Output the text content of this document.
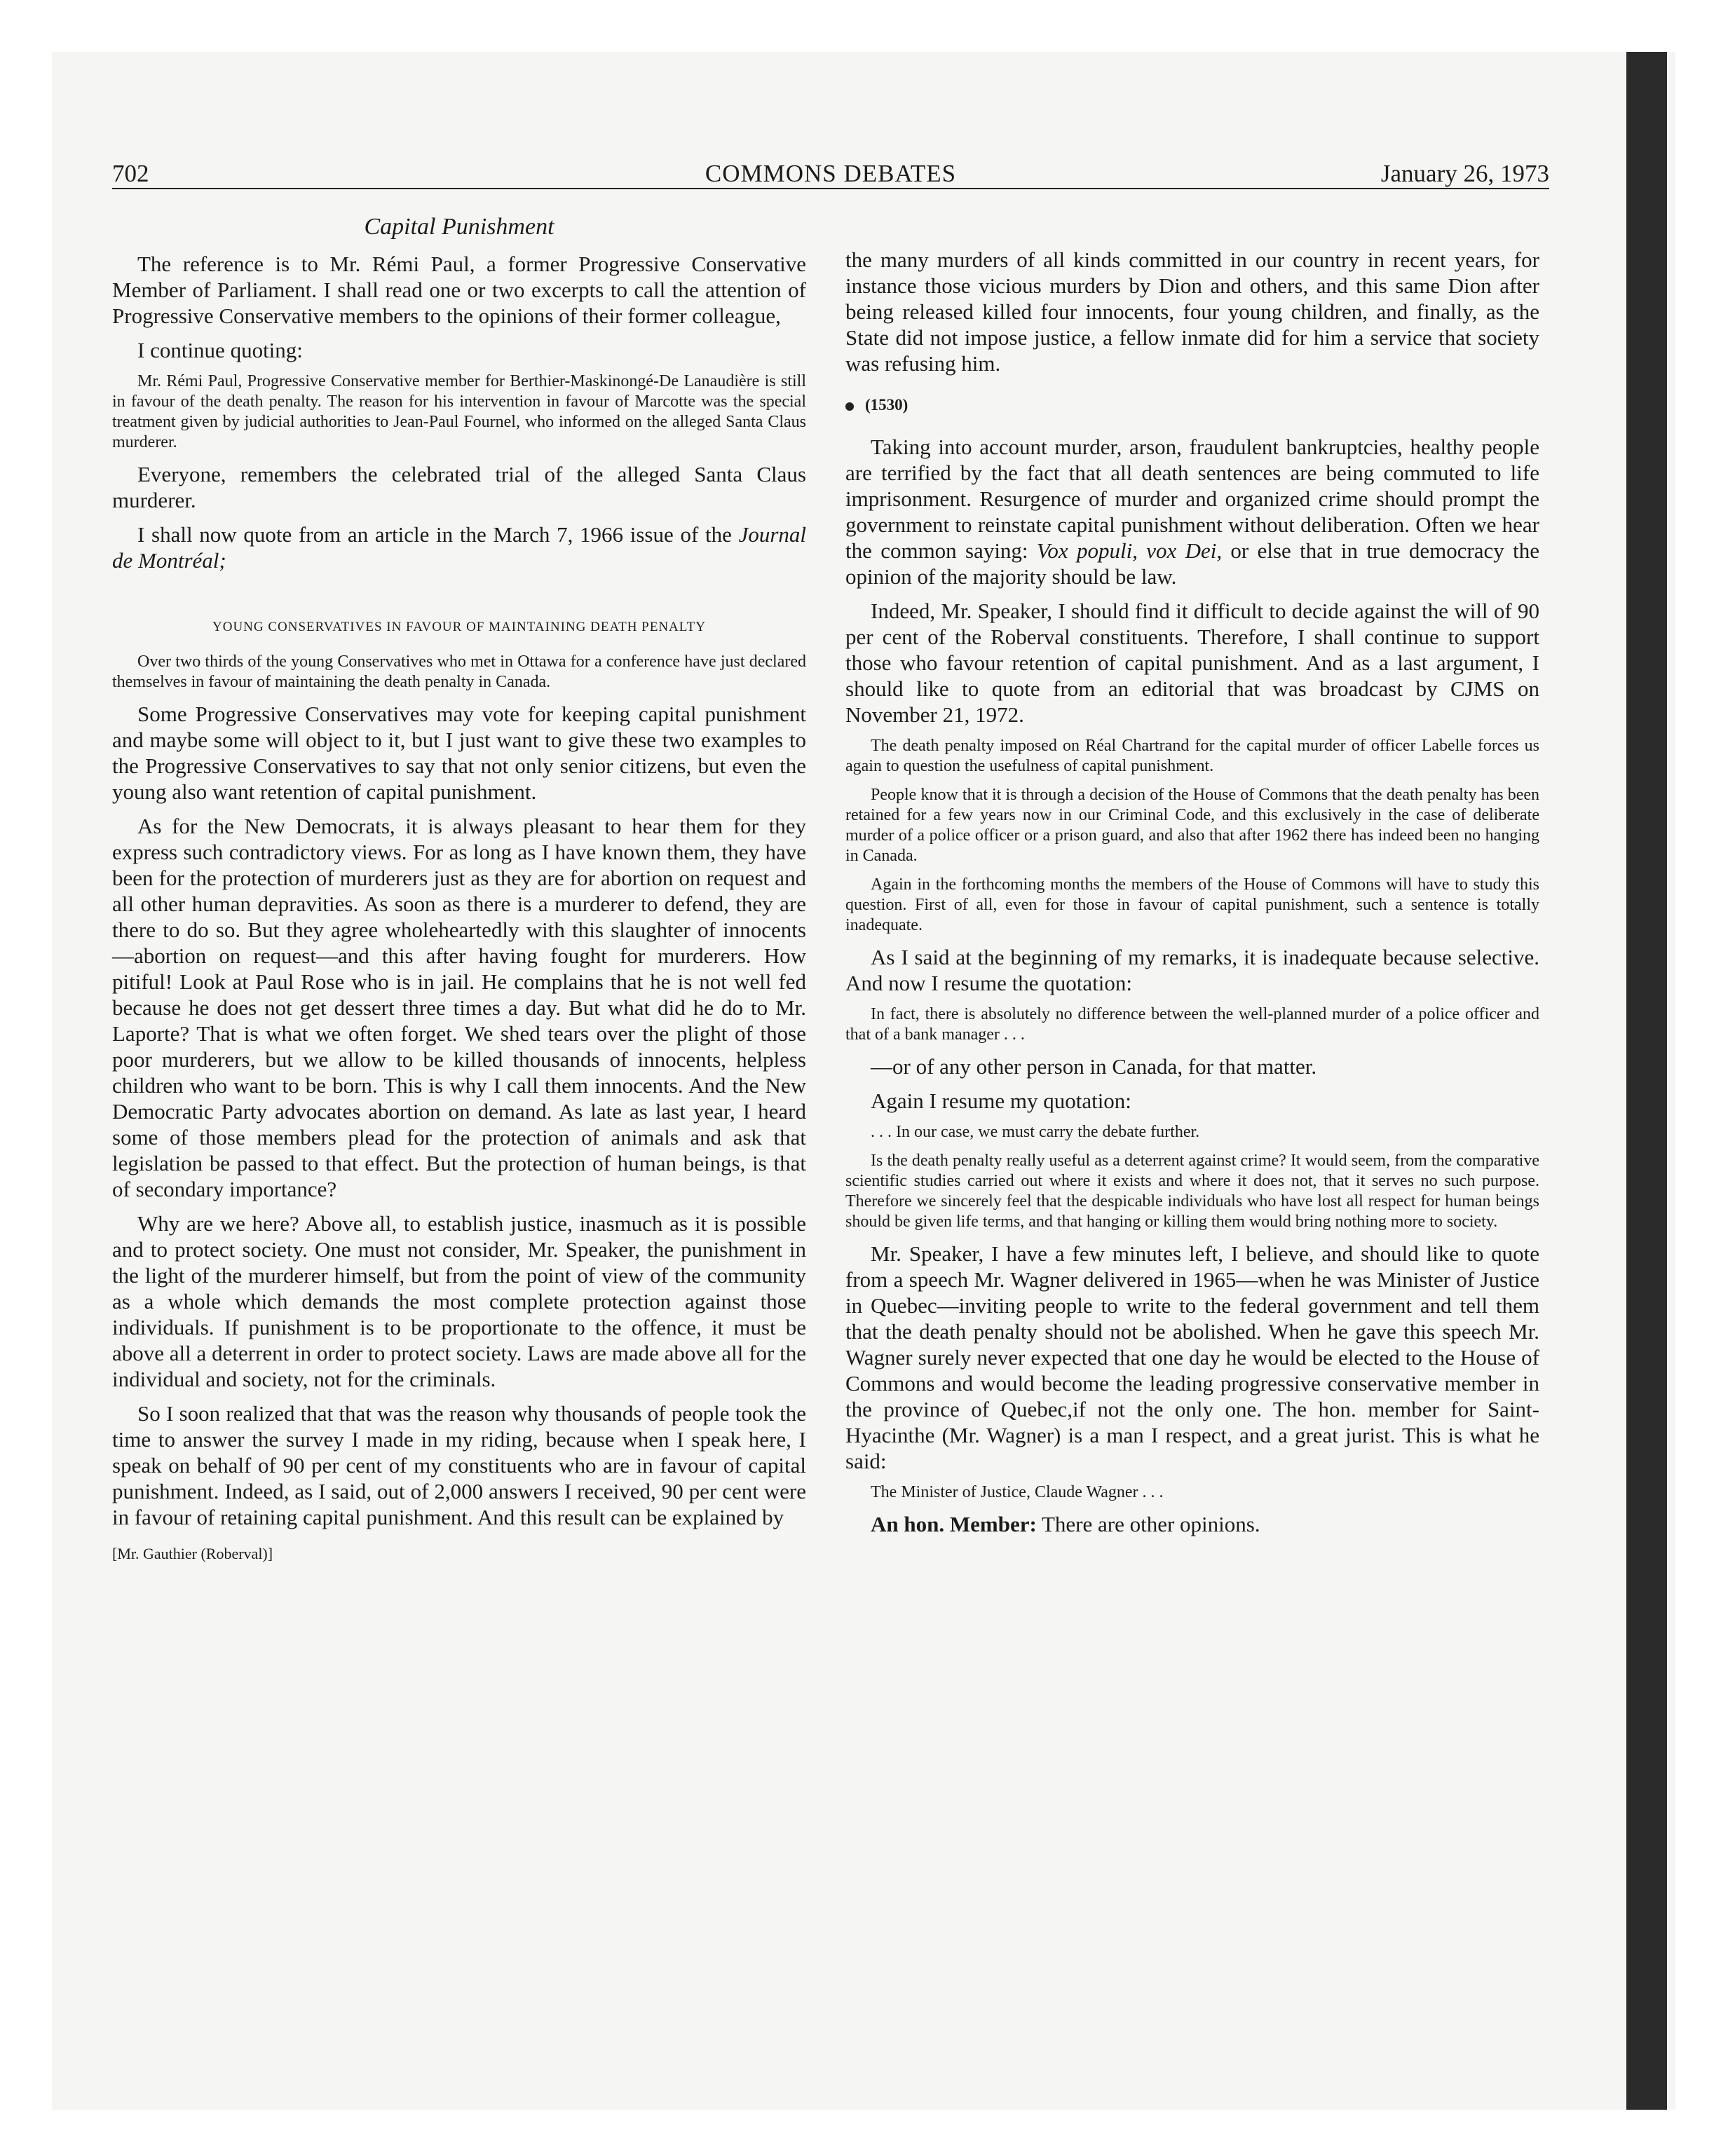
COMMONS DEBATES
702	January 26, 1973
Capital Punishment

The reference is to Mr. Rémi Paul, a former Progressive Conservative Member of Parliament. I shall read one or two excerpts to call the attention of Progressive Conservative members to the opinions of their former colleague,

I continue quoting:

Mr. Rémi Paul, Progressive Conservative member for Berthier-Maskinongé-De Lanaudière is still in favour of the death penalty. The reason for his intervention in favour of Marcotte was the special treatment given by judicial authorities to Jean-Paul Fournel, who informed on the alleged Santa Claus murderer.

Everyone, remembers the celebrated trial of the alleged Santa Claus murderer.

I shall now quote from an article in the March 7, 1966 issue of the Journal de Montréal;

YOUNG CONSERVATIVES IN FAVOUR OF MAINTAINING DEATH PENALTY

Over two thirds of the young Conservatives who met in Ottawa for a conference have just declared themselves in favour of maintaining the death penalty in Canada.

Some Progressive Conservatives may vote for keeping capital punishment and maybe some will object to it, but I just want to give these two examples to the Progressive Conservatives to say that not only senior citizens, but even the young also want retention of capital punishment.

As for the New Democrats, it is always pleasant to hear them for they express such contradictory views. For as long as I have known them, they have been for the protection of murderers just as they are for abortion on request and all other human depravities. As soon as there is a murderer to defend, they are there to do so. But they agree wholeheartedly with this slaughter of innocents—abortion on request—and this after having fought for murderers. How pitiful! Look at Paul Rose who is in jail. He complains that he is not well fed because he does not get dessert three times a day. But what did he do to Mr. Laporte? That is what we often forget. We shed tears over the plight of those poor murderers, but we allow to be killed thousands of innocents, helpless children who want to be born. This is why I call them innocents. And the New Democratic Party advocates abortion on demand. As late as last year, I heard some of those members plead for the protection of animals and ask that legislation be passed to that effect. But the protection of human beings, is that of secondary importance?

Why are we here? Above all, to establish justice, inasmuch as it is possible and to protect society. One must not consider, Mr. Speaker, the punishment in the light of the murderer himself, but from the point of view of the community as a whole which demands the most complete protection against those individuals. If punishment is to be proportionate to the offence, it must be above all a deterrent in order to protect society. Laws are made above all for the individual and society, not for the criminals.

So I soon realized that that was the reason why thousands of people took the time to answer the survey I made in my riding, because when I speak here, I speak on behalf of 90 per cent of my constituents who are in favour of capital punishment. Indeed, as I said, out of 2,000 answers I received, 90 per cent were in favour of retaining capital punishment. And this result can be explained by

[Mr. Gauthier (Roberval)]

the many murders of all kinds committed in our country in recent years, for instance those vicious murders by Dion and others, and this same Dion after being released killed four innocents, four young children, and finally, as the State did not impose justice, a fellow inmate did for him a service that society was refusing him.

(1530)

Taking into account murder, arson, fraudulent bankruptcies, healthy people are terrified by the fact that all death sentences are being commuted to life imprisonment. Resurgence of murder and organized crime should prompt the government to reinstate capital punishment without deliberation. Often we hear the common saying: Vox populi, vox Dei, or else that in true democracy the opinion of the majority should be law.

Indeed, Mr. Speaker, I should find it difficult to decide against the will of 90 per cent of the Roberval constituents. Therefore, I shall continue to support those who favour retention of capital punishment. And as a last argument, I should like to quote from an editorial that was broadcast by CJMS on November 21, 1972.

The death penalty imposed on Réal Chartrand for the capital murder of officer Labelle forces us again to question the usefulness of capital punishment.

People know that it is through a decision of the House of Commons that the death penalty has been retained for a few years now in our Criminal Code, and this exclusively in the case of deliberate murder of a police officer or a prison guard, and also that after 1962 there has indeed been no hanging in Canada.

Again in the forthcoming months the members of the House of Commons will have to study this question. First of all, even for those in favour of capital punishment, such a sentence is totally inadequate.

As I said at the beginning of my remarks, it is inadequate because selective. And now I resume the quotation:

In fact, there is absolutely no difference between the well-planned murder of a police officer and that of a bank manager . . .

—or of any other person in Canada, for that matter.

Again I resume my quotation:

. . . In our case, we must carry the debate further.

Is the death penalty really useful as a deterrent against crime? It would seem, from the comparative scientific studies carried out where it exists and where it does not, that it serves no such purpose. Therefore we sincerely feel that the despicable individuals who have lost all respect for human beings should be given life terms, and that hanging or killing them would bring nothing more to society.

Mr. Speaker, I have a few minutes left, I believe, and should like to quote from a speech Mr. Wagner delivered in 1965—when he was Minister of Justice in Quebec—inviting people to write to the federal government and tell them that the death penalty should not be abolished. When he gave this speech Mr. Wagner surely never expected that one day he would be elected to the House of Commons and would become the leading progressive conservative member in the province of Quebec,if not the only one. The hon. member for Saint-Hyacinthe (Mr. Wagner) is a man I respect, and a great jurist. This is what he said:

The Minister of Justice, Claude Wagner . . .

An hon. Member: There are other opinions.
